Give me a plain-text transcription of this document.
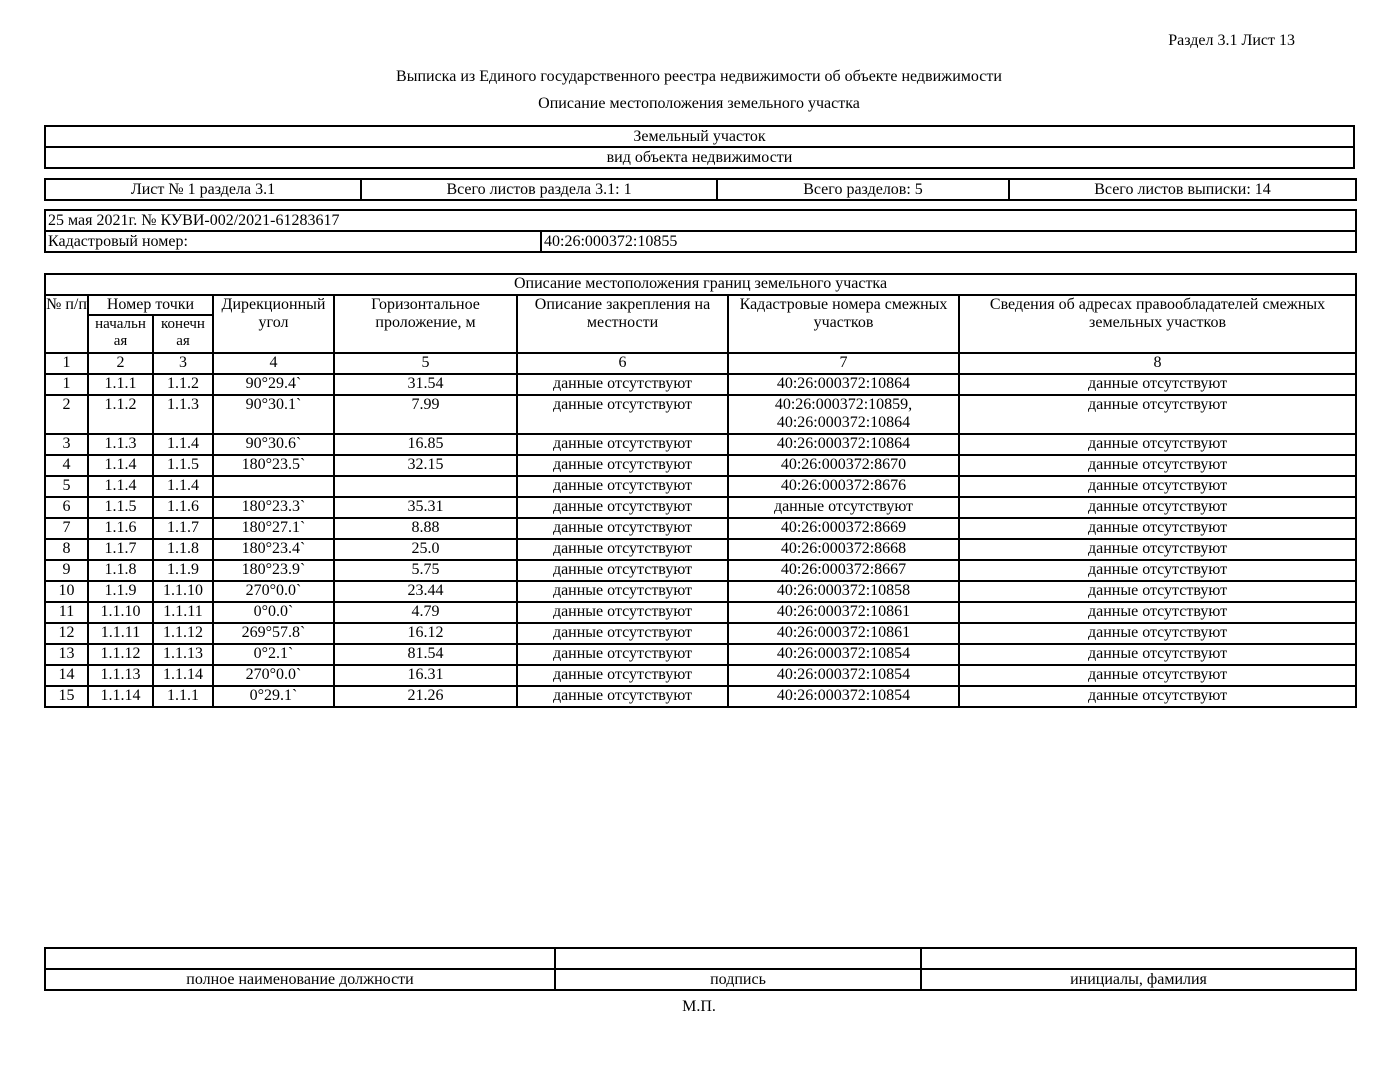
Раздел 3.1 Лист 13
Выписка из Единого государственного реестра недвижимости об объекте недвижимости
Описание местоположения земельного участка
Земельный участок
вид объекта недвижимости
Лист № 1 раздела 3.1	Всего листов раздела 3.1: 1	Всего разделов: 5	Всего листов выписки: 14
25 мая 2021г. № КУВИ-002/2021-61283617
Кадастровый номер:	40:26:000372:10855
Описание местоположения границ земельного участка							
№ п/п	Номер точки		Дирекционный угол	Горизонтальное проложение, м	Описание закрепления на местности	Кадастровые номера смежных участков	Сведения об адресах правообладателей смежных земельных участков
	начальн ая	конечн ая					
1	2	3	4	5	6	7	8
1	1.1.1	1.1.2	90°29.4`	31.54	данные отсутствуют	40:26:000372:10864	данные отсутствуют
2	1.1.2	1.1.3	90°30.1`	7.99	данные отсутствуют	40:26:000372:10859,
40:26:000372:10864	данные отсутствуют
3	1.1.3	1.1.4	90°30.6`	16.85	данные отсутствуют	40:26:000372:10864	данные отсутствуют
4	1.1.4	1.1.5	180°23.5`	32.15	данные отсутствуют	40:26:000372:8670	данные отсутствуют
5	1.1.4	1.1.4			данные отсутствуют	40:26:000372:8676	данные отсутствуют
6	1.1.5	1.1.6	180°23.3`	35.31	данные отсутствуют	данные отсутствуют	данные отсутствуют
7	1.1.6	1.1.7	180°27.1`	8.88	данные отсутствуют	40:26:000372:8669	данные отсутствуют
8	1.1.7	1.1.8	180°23.4`	25.0	данные отсутствуют	40:26:000372:8668	данные отсутствуют
9	1.1.8	1.1.9	180°23.9`	5.75	данные отсутствуют	40:26:000372:8667	данные отсутствуют
10	1.1.9	1.1.10	270°0.0`	23.44	данные отсутствуют	40:26:000372:10858	данные отсутствуют
11	1.1.10	1.1.11	0°0.0`	4.79	данные отсутствуют	40:26:000372:10861	данные отсутствуют
12	1.1.11	1.1.12	269°57.8`	16.12	данные отсутствуют	40:26:000372:10861	данные отсутствуют
13	1.1.12	1.1.13	0°2.1`	81.54	данные отсутствуют	40:26:000372:10854	данные отсутствуют
14	1.1.13	1.1.14	270°0.0`	16.31	данные отсутствуют	40:26:000372:10854	данные отсутствуют
15	1.1.14	1.1.1	0°29.1`	21.26	данные отсутствуют	40:26:000372:10854	данные отсутствуют

полное наименование должности	подпись	инициалы, фамилия
М.П.
